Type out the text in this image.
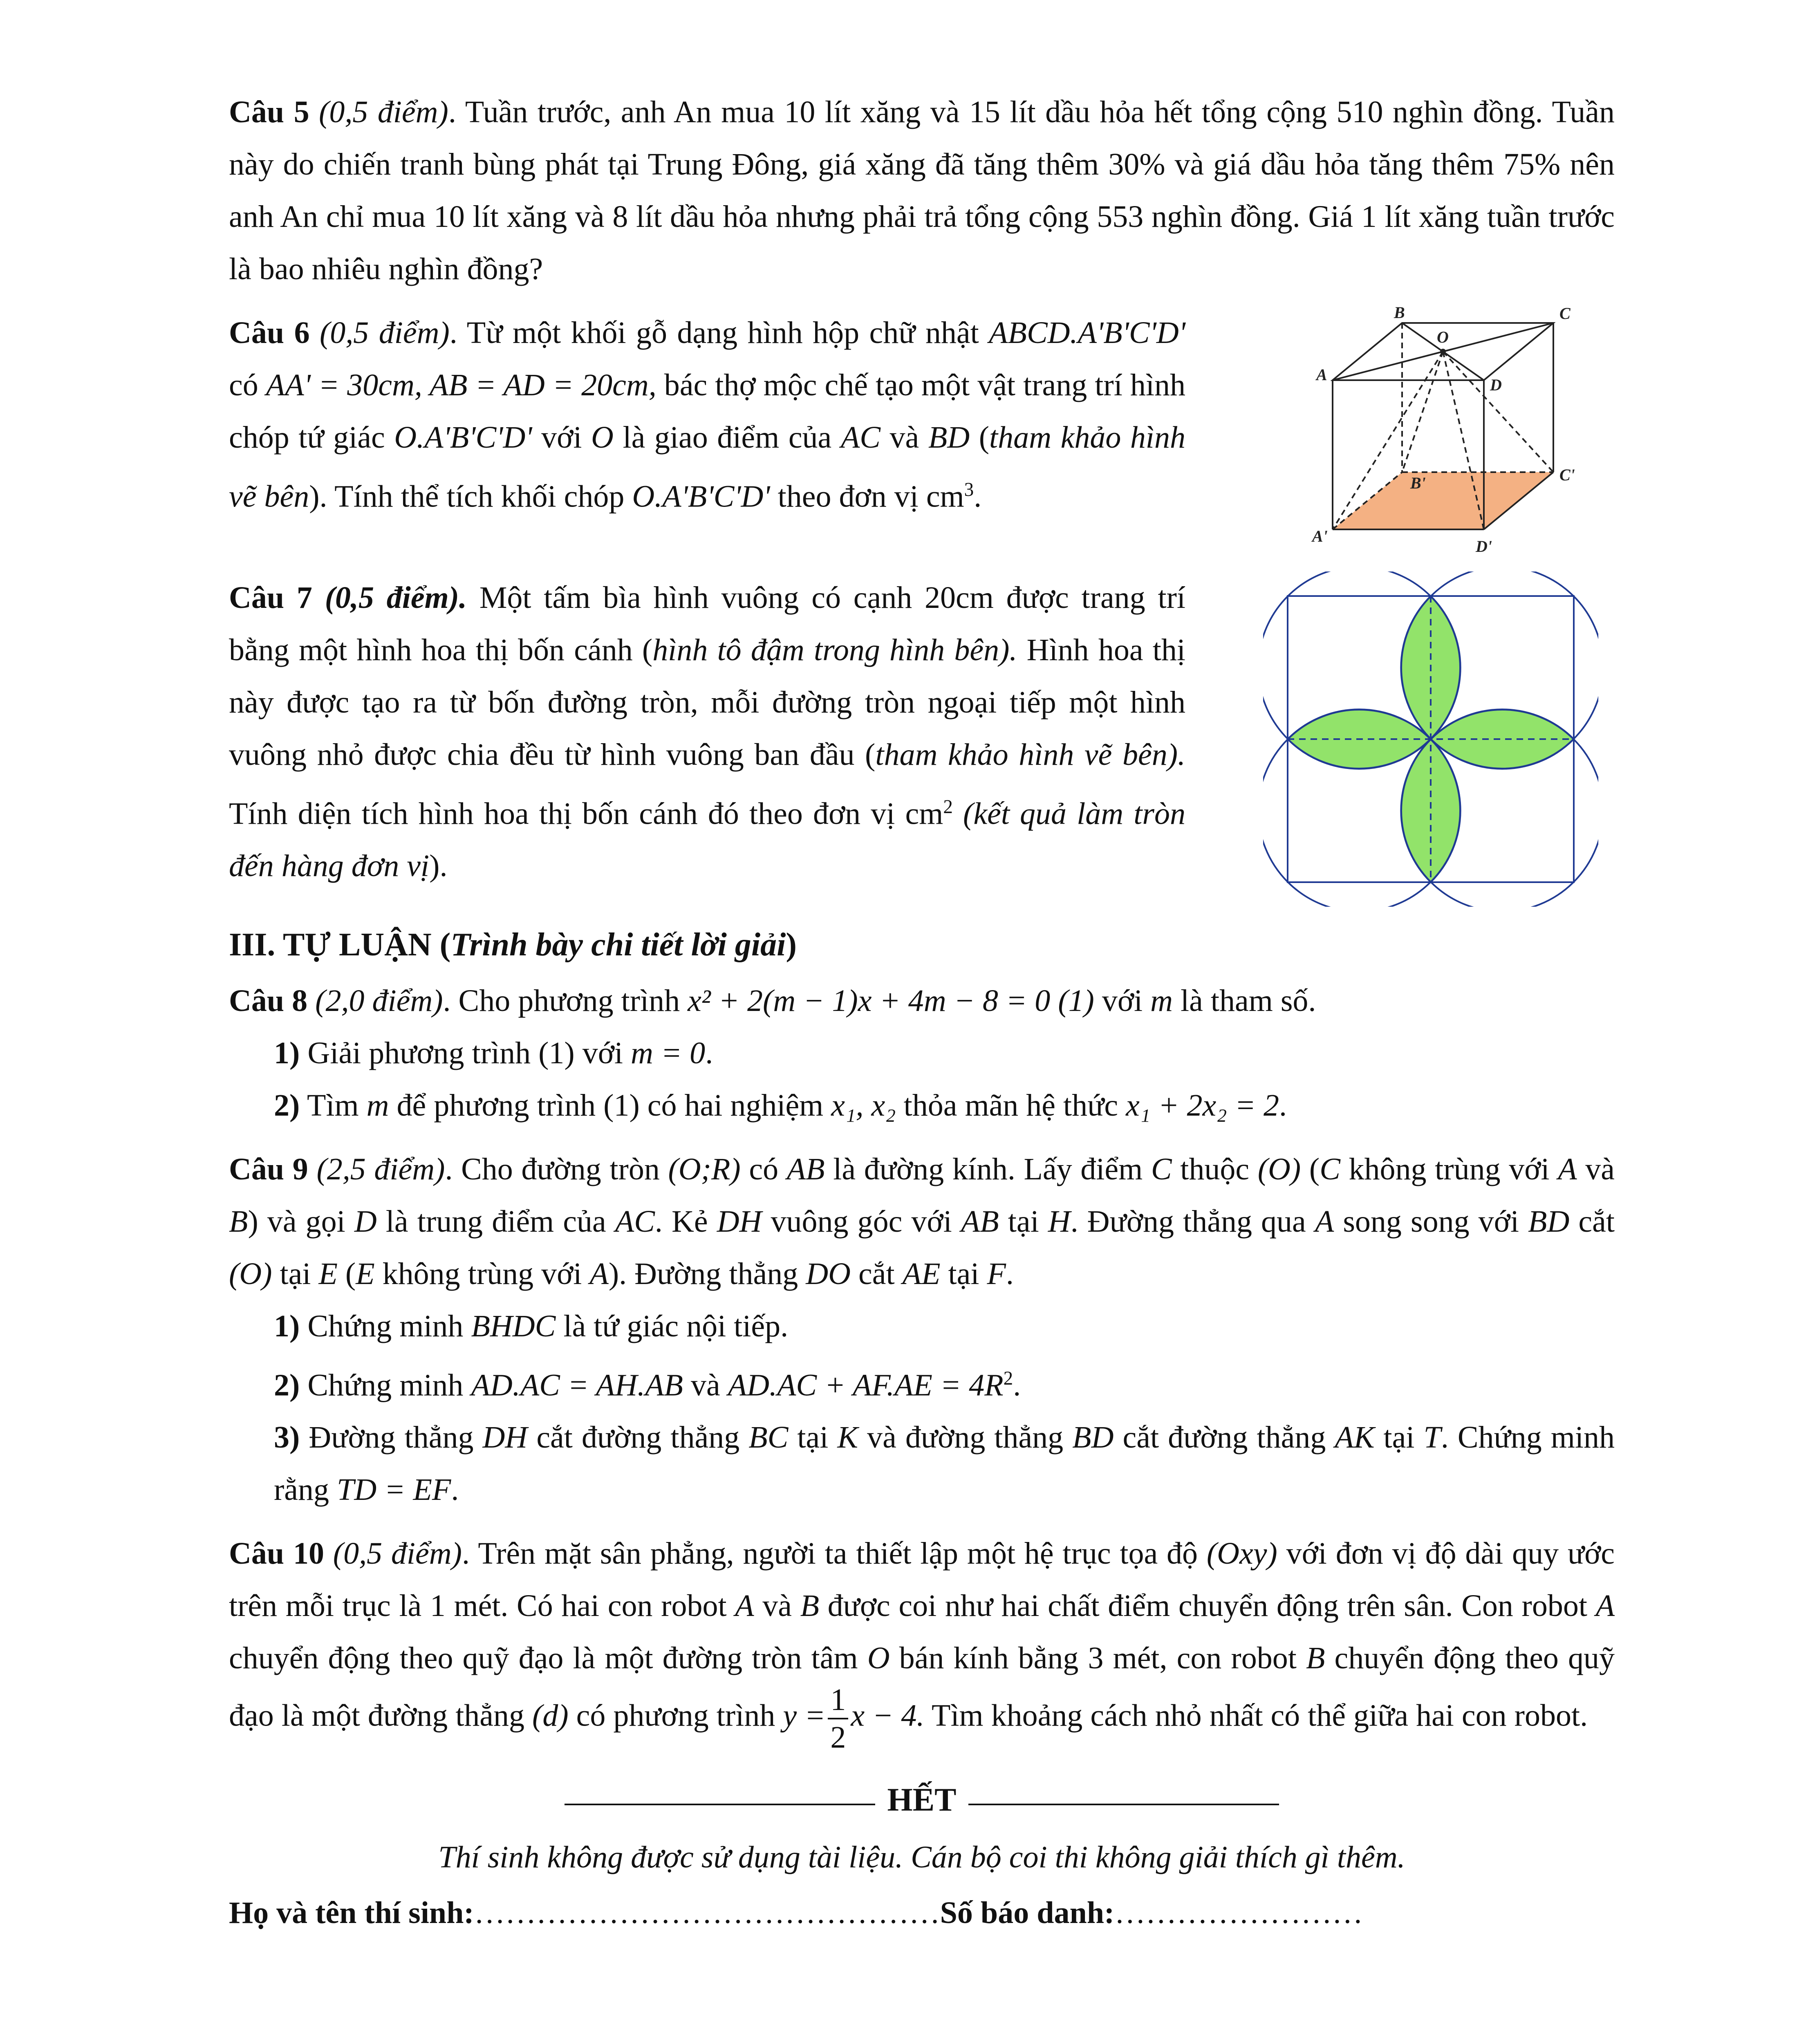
Câu 5 (0,5 điểm). Tuần trước, anh An mua 10 lít xăng và 15 lít dầu hỏa hết tổng cộng 510 nghìn đồng. Tuần này do chiến tranh bùng phát tại Trung Đông, giá xăng đã tăng thêm 30% và giá dầu hỏa tăng thêm 75% nên anh An chỉ mua 10 lít xăng và 8 lít dầu hỏa nhưng phải trả tổng cộng 553 nghìn đồng. Giá 1 lít xăng tuần trước là bao nhiêu nghìn đồng?

Câu 6 (0,5 điểm). Từ một khối gỗ dạng hình hộp chữ nhật ABCD.A'B'C'D' có AA' = 30cm, AB = AD = 20cm, bác thợ mộc chế tạo một vật trang trí hình chóp tứ giác O.A'B'C'D' với O là giao điểm của AC và BD (tham khảo hình vẽ bên). Tính thể tích khối chóp O.A'B'C'D' theo đơn vị $cm^3$.

B	C
O
A
D
B'	C'
A'
D'

Câu 7 (0,5 điểm). Một tấm bìa hình vuông có cạnh 20cm được trang trí bằng một hình hoa thị bốn cánh (hình tô đậm trong hình bên). Hình hoa thị này được tạo ra từ bốn đường tròn, mỗi đường tròn ngoại tiếp một hình vuông nhỏ được chia đều từ hình vuông ban đầu (tham khảo hình vẽ bên). Tính diện tích hình hoa thị bốn cánh đó theo đơn vị $cm^2$ (kết quả làm tròn đến hàng đơn vị).

III. TỰ LUẬN (Trình bày chi tiết lời giải)

Câu 8 (2,0 điểm). Cho phương trình x² + 2(m − 1)x + 4m − 8 = 0 (1) với m là tham số.

1) Giải phương trình (1) với m = 0.

2) Tìm m để phương trình (1) có hai nghiệm x₁, x₂ thỏa mãn hệ thức x₁ + 2x₂ = 2.

Câu 9 (2,5 điểm). Cho đường tròn (O;R) có AB là đường kính. Lấy điểm C thuộc (O) (C không trùng với A và B) và gọi D là trung điểm của AC. Kẻ DH vuông góc với AB tại H. Đường thẳng qua A song song với BD cắt (O) tại E (E không trùng với A). Đường thẳng DO cắt AE tại F.

1) Chứng minh BHDC là tứ giác nội tiếp.

2) Chứng minh AD.AC = AH.AB và $AD.AC + AF.AE = 4R^2$.

3) Đường thẳng DH cắt đường thẳng BC tại K và đường thẳng BD cắt đường thẳng AK tại T. Chứng minh rằng TD = EF.

Câu 10 (0,5 điểm). Trên mặt sân phẳng, người ta thiết lập một hệ trục tọa độ (Oxy) với đơn vị độ dài quy ước trên mỗi trục là 1 mét. Có hai con robot A và B được coi như hai chất điểm chuyển động trên sân. Con robot A chuyển động theo quỹ đạo là một đường tròn tâm O bán kính bằng 3 mét, con robot B chuyển động theo quỹ đạo là một đường thẳng (d) có phương trình $y = \frac{1}{2}$ x − 4. Tìm khoảng cách nhỏ nhất có thể giữa hai con robot.

HẾT

Thí sinh không được sử dụng tài liệu. Cán bộ coi thi không giải thích gì thêm.

Họ và tên thí sinh:………………………………………Số báo danh:……………………
